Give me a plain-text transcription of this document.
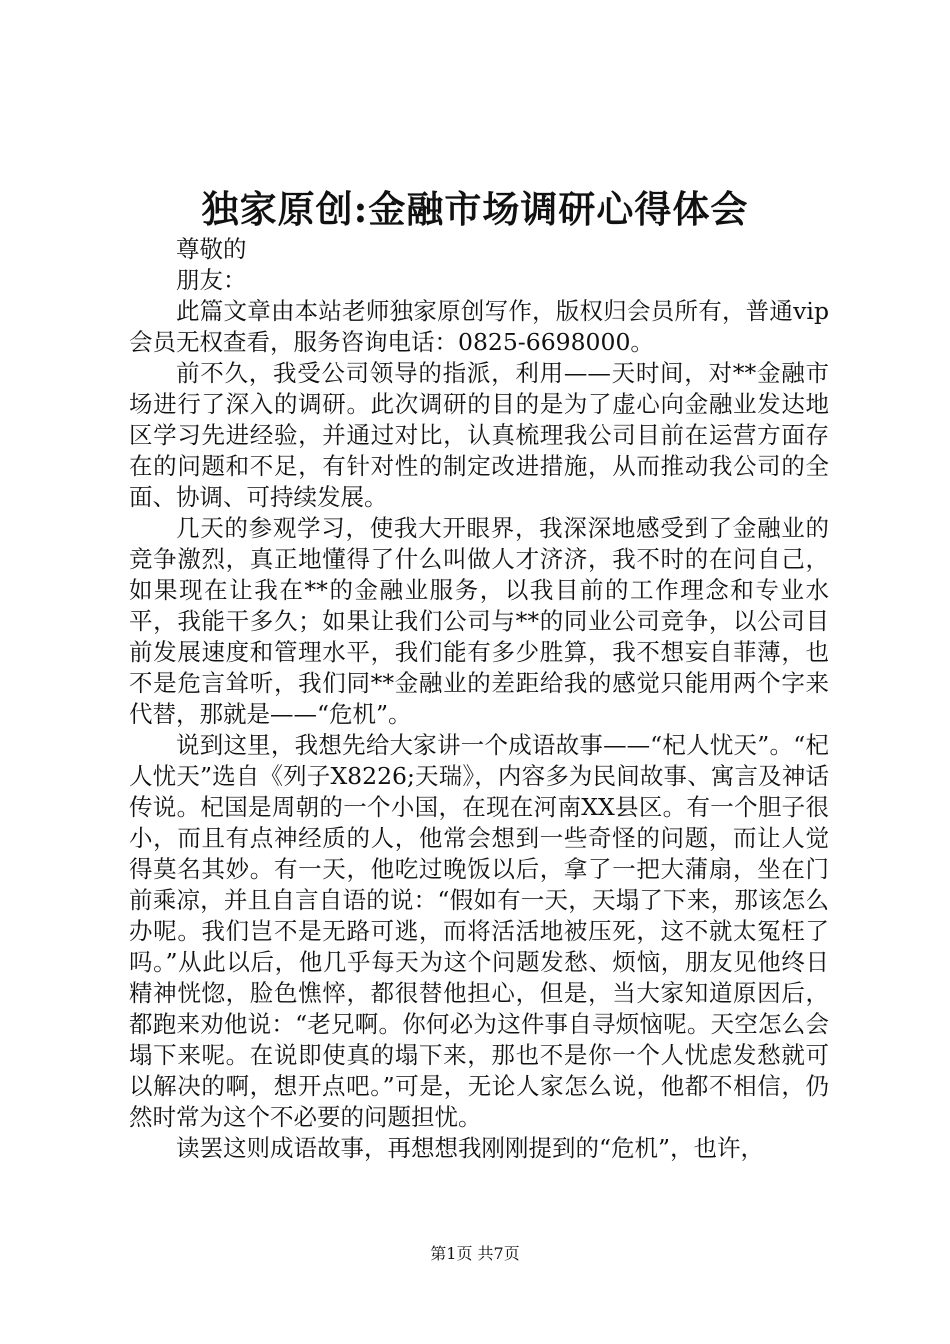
独家原创:金融市场调研心得体会

尊敬的

朋友：

此篇文章由本站老师独家原创写作，版权归会员所有，普通vip会员无权查看，服务咨询电话：0825-6698000。

前不久，我受公司领导的指派，利用——天时间，对**金融市场进行了深入的调研。此次调研的目的是为了虚心向金融业发达地区学习先进经验，并通过对比，认真梳理我公司目前在运营方面存在的问题和不足，有针对性的制定改进措施，从而推动我公司的全面、协调、可持续发展。

几天的参观学习，使我大开眼界，我深深地感受到了金融业的竞争激烈，真正地懂得了什么叫做人才济济，我不时的在问自己，如果现在让我在**的金融业服务，以我目前的工作理念和专业水平，我能干多久；如果让我们公司与**的同业公司竞争，以公司目前发展速度和管理水平，我们能有多少胜算，我不想妄自菲薄，也不是危言耸听，我们同**金融业的差距给我的感觉只能用两个字来代替，那就是——“危机”。

说到这里，我想先给大家讲一个成语故事——“杞人忧天”。“杞人忧天”选自《列子X8226;天瑞》，内容多为民间故事、寓言及神话传说。杞国是周朝的一个小国，在现在河南XX县区。有一个胆子很小，而且有点神经质的人，他常会想到一些奇怪的问题，而让人觉得莫名其妙。有一天，他吃过晚饭以后，拿了一把大蒲扇，坐在门前乘凉，并且自言自语的说：“假如有一天，天塌了下来，那该怎么办呢。我们岂不是无路可逃，而将活活地被压死，这不就太冤枉了吗。”从此以后，他几乎每天为这个问题发愁、烦恼，朋友见他终日精神恍惚，脸色憔悴，都很替他担心，但是，当大家知道原因后，都跑来劝他说：“老兄啊。你何必为这件事自寻烦恼呢。天空怎么会塌下来呢。在说即使真的塌下来，那也不是你一个人忧虑发愁就可以解决的啊，想开点吧。”可是，无论人家怎么说，他都不相信，仍然时常为这个不必要的问题担忧。

读罢这则成语故事，再想想我刚刚提到的“危机”，也许，

第1页 共7页
